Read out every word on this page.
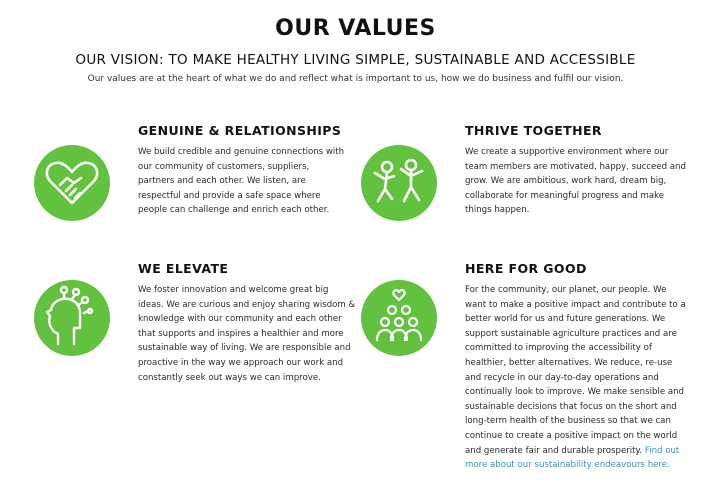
OUR VALUES
OUR VISION: TO MAKE HEALTHY LIVING SIMPLE, SUSTAINABLE AND ACCESSIBLE
Our values are at the heart of what we do and reflect what is important to us, how we do business and fulfil our vision.
GENUINE & RELATIONSHIPS

We build credible and genuine connections with our community of customers, suppliers, partners and each other. We listen, are respectful and provide a safe space where people can challenge and enrich each other.

THRIVE TOGETHER

We create a supportive environment where our team members are motivated, happy, succeed and grow. We are ambitious, work hard, dream big, collaborate for meaningful progress and make things happen.

WE ELEVATE

We foster innovation and welcome great big ideas. We are curious and enjoy sharing wisdom & knowledge with our community and each other that supports and inspires a healthier and more sustainable way of living. We are responsible and proactive in the way we approach our work and constantly seek out ways we can improve.

HERE FOR GOOD

For the community, our planet, our people. We want to make a positive impact and contribute to a better world for us and future generations. We support sustainable agriculture practices and are committed to improving the accessibility of healthier, better alternatives. We reduce, re-use and recycle in our day-to-day operations and continually look to improve. We make sensible and sustainable decisions that focus on the short and long-term health of the business so that we can continue to create a positive impact on the world and generate fair and durable prosperity. Find out more about our sustainability endeavours here.
